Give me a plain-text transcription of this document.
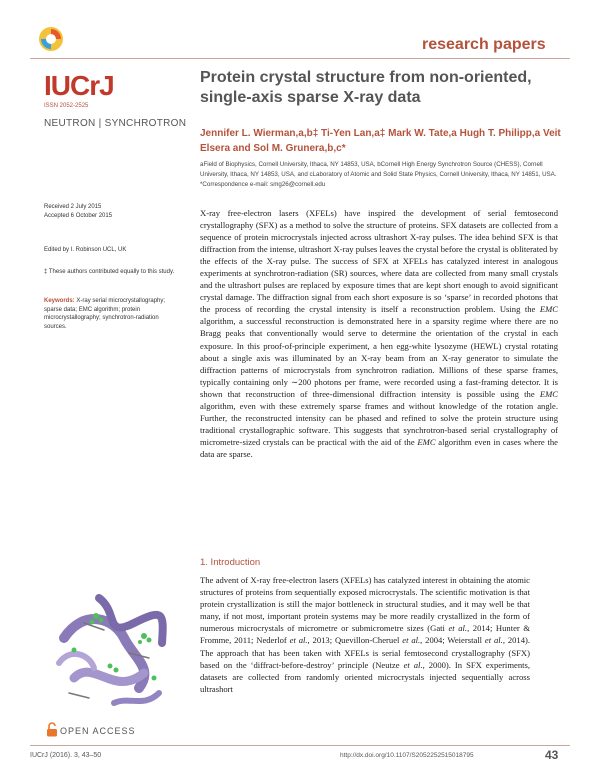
research papers
IUCrJ
ISSN 2052-2525
NEUTRON | SYNCHROTRON
Protein crystal structure from non-oriented, single-axis sparse X-ray data
Jennifer L. Wierman,a,b‡ Ti-Yen Lan,a‡ Mark W. Tate,a Hugh T. Philipp,a Veit Elsera and Sol M. Grunera,b,c*
aField of Biophysics, Cornell University, Ithaca, NY 14853, USA, bCornell High Energy Synchrotron Source (CHESS), Cornell University, Ithaca, NY 14853, USA, and cLaboratory of Atomic and Solid State Physics, Cornell University, Ithaca, NY 14851, USA. *Correspondence e-mail: smg26@cornell.edu
Received 2 July 2015
Accepted 6 October 2015
Edited by I. Robinson UCL, UK
‡ These authors contributed equally to this study.
Keywords: X-ray serial microcrystallography; sparse data; EMC algorithm; protein microcrystallography; synchrotron-radiation sources.
X-ray free-electron lasers (XFELs) have inspired the development of serial femtosecond crystallography (SFX) as a method to solve the structure of proteins. SFX datasets are collected from a sequence of protein microcrystals injected across ultrashort X-ray pulses. The idea behind SFX is that diffraction from the intense, ultrashort X-ray pulses leaves the crystal before the crystal is obliterated by the effects of the X-ray pulse. The success of SFX at XFELs has catalyzed interest in analogous experiments at synchrotron-radiation (SR) sources, where data are collected from many small crystals and the ultrashort pulses are replaced by exposure times that are kept short enough to avoid significant crystal damage. The diffraction signal from each short exposure is so ‘sparse’ in recorded photons that the process of recording the crystal intensity is itself a reconstruction problem. Using the EMC algorithm, a successful reconstruction is demonstrated here in a sparsity regime where there are no Bragg peaks that conventionally would serve to determine the orientation of the crystal in each exposure. In this proof-of-principle experiment, a hen egg-white lysozyme (HEWL) crystal rotating about a single axis was illuminated by an X-ray beam from an X-ray generator to simulate the diffraction patterns of microcrystals from synchrotron radiation. Millions of these sparse frames, typically containing only ∼200 photons per frame, were recorded using a fast-framing detector. It is shown that reconstruction of three-dimensional diffraction intensity is possible using the EMC algorithm, even with these extremely sparse frames and without knowledge of the rotation angle. Further, the reconstructed intensity can be phased and refined to solve the protein structure using traditional crystallographic software. This suggests that synchrotron-based serial crystallography of micrometre-sized crystals can be practical with the aid of the EMC algorithm even in cases where the data are sparse.
OPEN ACCESS
1. Introduction
The advent of X-ray free-electron lasers (XFELs) has catalyzed interest in obtaining the atomic structures of proteins from sequentially exposed microcrystals. The scientific motivation is that protein crystallization is still the major bottleneck in structural studies, and it may well be that many, if not most, important protein systems may be more readily crystallized in the form of numerous microcrystals of micrometre or submicrometre sizes (Gati et al., 2014; Hunter & Fromme, 2011; Nederlof et al., 2013; Quevillon-Cheruel et al., 2004; Weierstall et al., 2014). The approach that has been taken with XFELs is serial femtosecond crystallography (SFX) based on the ‘diffract-before-destroy’ principle (Neutze et al., 2000). In SFX experiments, datasets are collected from randomly oriented microcrystals injected sequentially across ultrashort
IUCrJ (2016). 3, 43–50	http://dx.doi.org/10.1107/S2052252515018795	43
